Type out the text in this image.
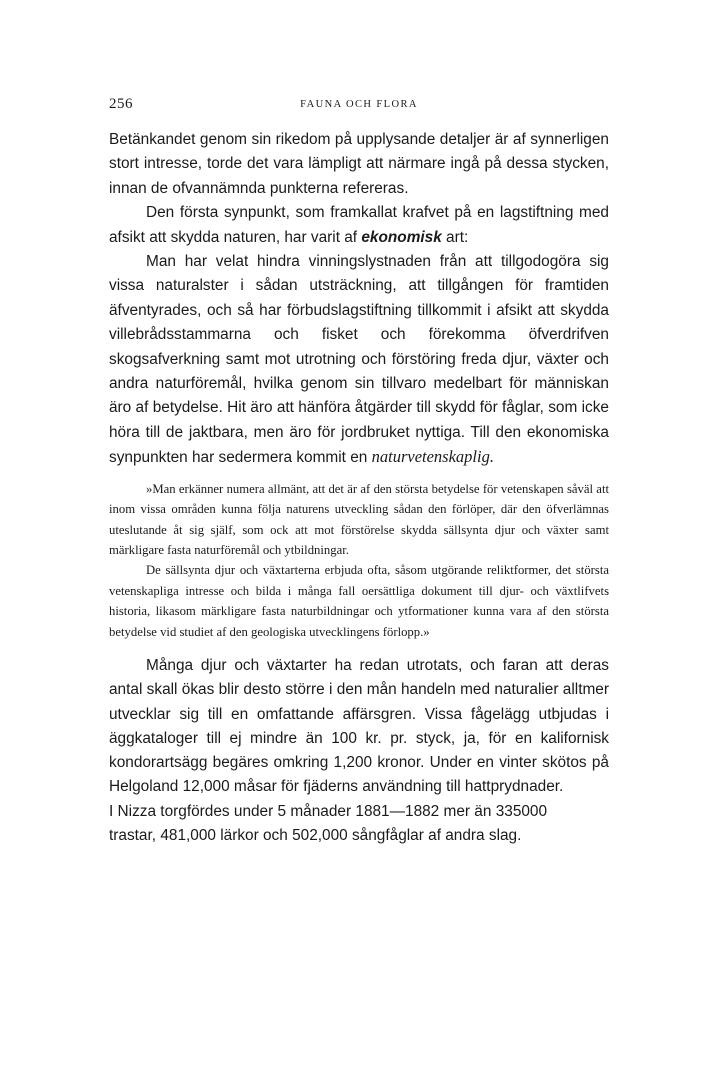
256	FAUNA OCH FLORA

Betänkandet genom sin rikedom på upplysande detaljer är af synnerligen stort intresse, torde det vara lämpligt att närmare ingå på dessa stycken, innan de ofvannämnda punkterna refereras.

Den första synpunkt, som framkallat krafvet på en lagstiftning med afsikt att skydda naturen, har varit af ekonomisk art:

Man har velat hindra vinningslystnaden från att tillgodogöra sig vissa naturalster i sådan utsträckning, att tillgången för framtiden äfventyrades, och så har förbudslagstiftning tillkommit i afsikt att skydda villebrådsstammarna och fisket och förekomma öfverdrifven skogsafverkning samt mot utrotning och förstöring freda djur, växter och andra naturföremål, hvilka genom sin tillvaro medelbart för människan äro af betydelse. Hit äro att hänföra åtgärder till skydd för fåglar, som icke höra till de jaktbara, men äro för jordbruket nyttiga. Till den ekonomiska synpunkten har sedermera kommit en naturvetenskaplig.

»Man erkänner numera allmänt, att det är af den största betydelse för vetenskapen såväl att inom vissa områden kunna följa naturens utveckling sådan den förlöper, där den öfverlämnas uteslutande åt sig själf, som ock att mot förstörelse skydda sällsynta djur och växter samt märkligare fasta naturföremål och ytbildningar.

De sällsynta djur och växtarterna erbjuda ofta, såsom utgörande reliktformer, det största vetenskapliga intresse och bilda i många fall oersättliga dokument till djur- och växtlifvets historia, likasom märkligare fasta naturbildningar och ytformationer kunna vara af den största betydelse vid studiet af den geologiska utvecklingens förlopp.»

Många djur och växtarter ha redan utrotats, och faran att deras antal skall ökas blir desto större i den mån handeln med naturalier alltmer utvecklar sig till en omfattande affärsgren. Vissa fågelägg utbjudas i äggkataloger till ej mindre än 100 kr. pr. styck, ja, för en kalifornisk kondorartsägg begäres omkring 1,200 kronor. Under en vinter skötos på Helgoland 12,000 måsar för fjäderns användning till hattprydnader.

I Nizza torgfördes under 5 månader 1881—1882 mer än 335000
trastar, 481,000 lärkor och 502,000 sångfåglar af andra slag.
